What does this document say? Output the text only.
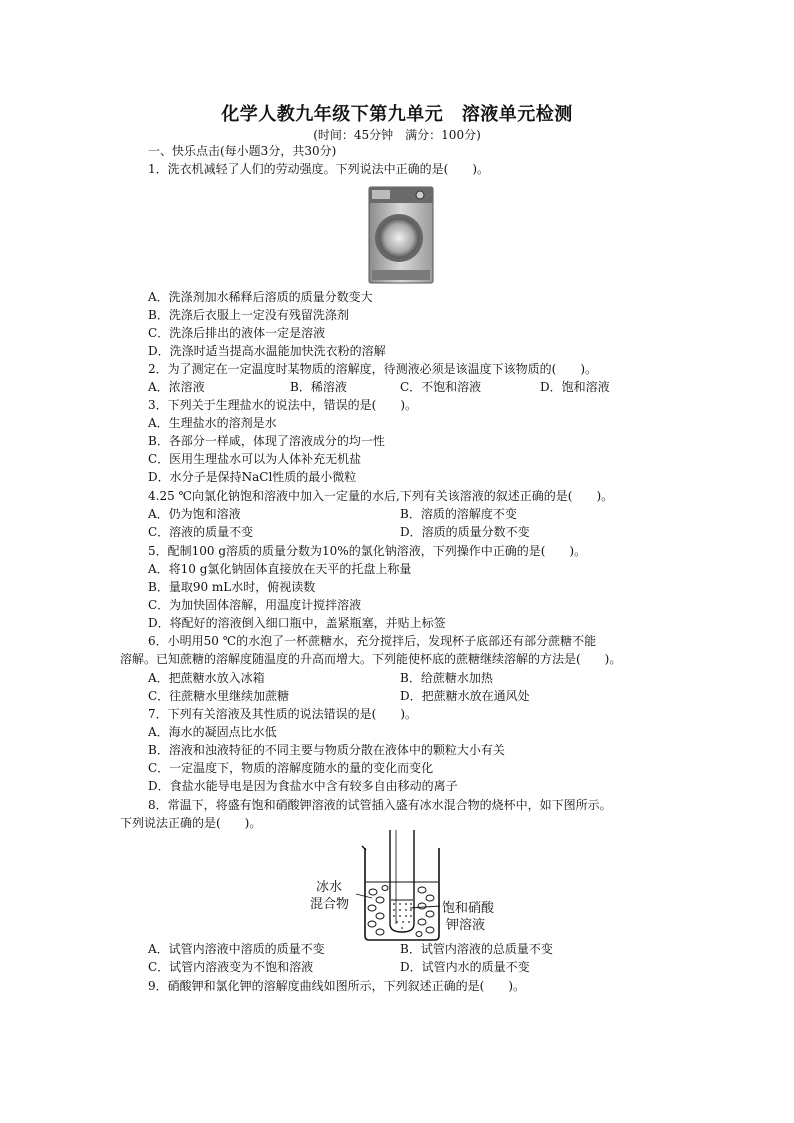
化学人教九年级下第九单元　溶液单元检测
(时间：45分钟　满分：100分)
一、快乐点击(每小题3分，共30分)
1．洗衣机减轻了人们的劳动强度。下列说法中正确的是(　　)。
A．洗涤剂加水稀释后溶质的质量分数变大
B．洗涤后衣服上一定没有残留洗涤剂
C．洗涤后排出的液体一定是溶液
D．洗涤时适当提高水温能加快洗衣粉的溶解
2．为了测定在一定温度时某物质的溶解度，待测液必须是该温度下该物质的(　　)。
A．浓溶液	B．稀溶液	C．不饱和溶液	D．饱和溶液
3．下列关于生理盐水的说法中，错误的是(　　)。
A．生理盐水的溶剂是水
B．各部分一样咸，体现了溶液成分的均一性
C．医用生理盐水可以为人体补充无机盐
D．水分子是保持NaCl性质的最小微粒
4.25 ℃向氯化钠饱和溶液中加入一定量的水后,下列有关该溶液的叙述正确的是(　　)。
A．仍为饱和溶液	B．溶质的溶解度不变
C．溶液的质量不变	D．溶质的质量分数不变
5．配制100 g溶质的质量分数为10%的氯化钠溶液，下列操作中正确的是(　　)。
A．将10 g氯化钠固体直接放在天平的托盘上称量
B．量取90 mL水时，俯视读数
C．为加快固体溶解，用温度计搅拌溶液
D．将配好的溶液倒入细口瓶中，盖紧瓶塞，并贴上标签
6．小明用50 ℃的水泡了一杯蔗糖水，充分搅拌后，发现杯子底部还有部分蔗糖不能
溶解。已知蔗糖的溶解度随温度的升高而增大。下列能使杯底的蔗糖继续溶解的方法是(　　)。
A．把蔗糖水放入冰箱	B．给蔗糖水加热
C．往蔗糖水里继续加蔗糖	D．把蔗糖水放在通风处
7．下列有关溶液及其性质的说法错误的是(　　)。
A．海水的凝固点比水低
B．溶液和浊液特征的不同主要与物质分散在液体中的颗粒大小有关
C．一定温度下，物质的溶解度随水的量的变化而变化
D．食盐水能导电是因为食盐水中含有较多自由移动的离子
8．常温下，将盛有饱和硝酸钾溶液的试管插入盛有冰水混合物的烧杯中，如下图所示。
下列说法正确的是(　　)。
冰水
混合物	饱和硝酸
钾溶液
A．试管内溶液中溶质的质量不变	B．试管内溶液的总质量不变
C．试管内溶液变为不饱和溶液	D．试管内水的质量不变
9．硝酸钾和氯化钾的溶解度曲线如图所示，下列叙述正确的是(　　)。
